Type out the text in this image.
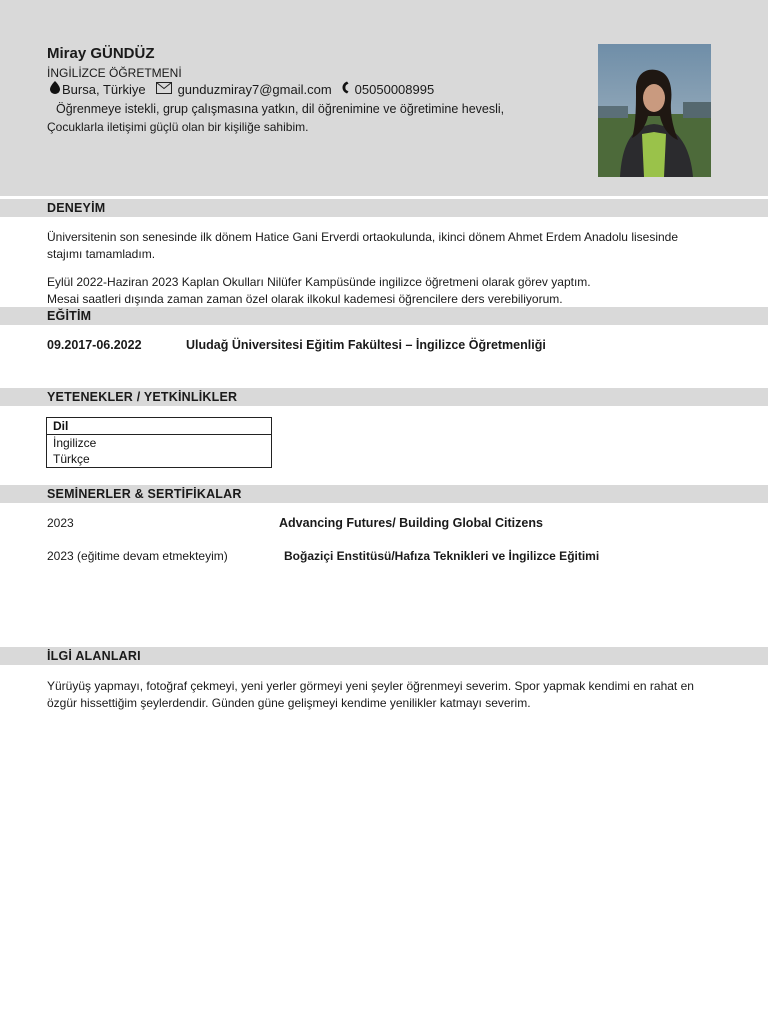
Miray GÜNDÜZ
İNGİLİZCE ÖĞRETMENİ
Bursa, Türkiye gunduzmiray7@gmail.com 05050008995
Öğrenmeye istekli, grup çalışmasına yatkın, dil öğrenimine ve öğretimine hevesli,
Çocuklarla iletişimi güçlü olan bir kişiliğe sahibim.
DENEYİM
Üniversitenin son senesinde ilk dönem Hatice Gani Erverdi ortaokulunda, ikinci dönem Ahmet Erdem Anadolu lisesinde stajımı tamamladım.
Eylül 2022-Haziran 2023 Kaplan Okulları Nilüfer Kampüsünde ingilizce öğretmeni olarak görev yaptım.
Mesai saatleri dışında zaman zaman özel olarak ilkokul kademesi öğrencilere ders verebiliyorum.
EĞİTİM
09.2017-06.2022	Uludağ Üniversitesi Eğitim Fakültesi – İngilizce Öğretmenliği
YETENEKLER / YETKİNLİKLER
Dil
İngilizce
Türkçe
SEMİNERLER & SERTİFİKALAR
2023	Advancing Futures/ Building Global Citizens
2023 (eğitime devam etmekteyim)	Boğaziçi Enstitüsü/Hafıza Teknikleri ve İngilizce Eğitimi
İLGİ ALANLARI
Yürüyüş yapmayı, fotoğraf çekmeyi, yeni yerler görmeyi yeni şeyler öğrenmeyi severim. Spor yapmak kendimi en rahat en özgür hissettiğim şeylerdendir. Günden güne gelişmeyi kendime yenilikler katmayı severim.
